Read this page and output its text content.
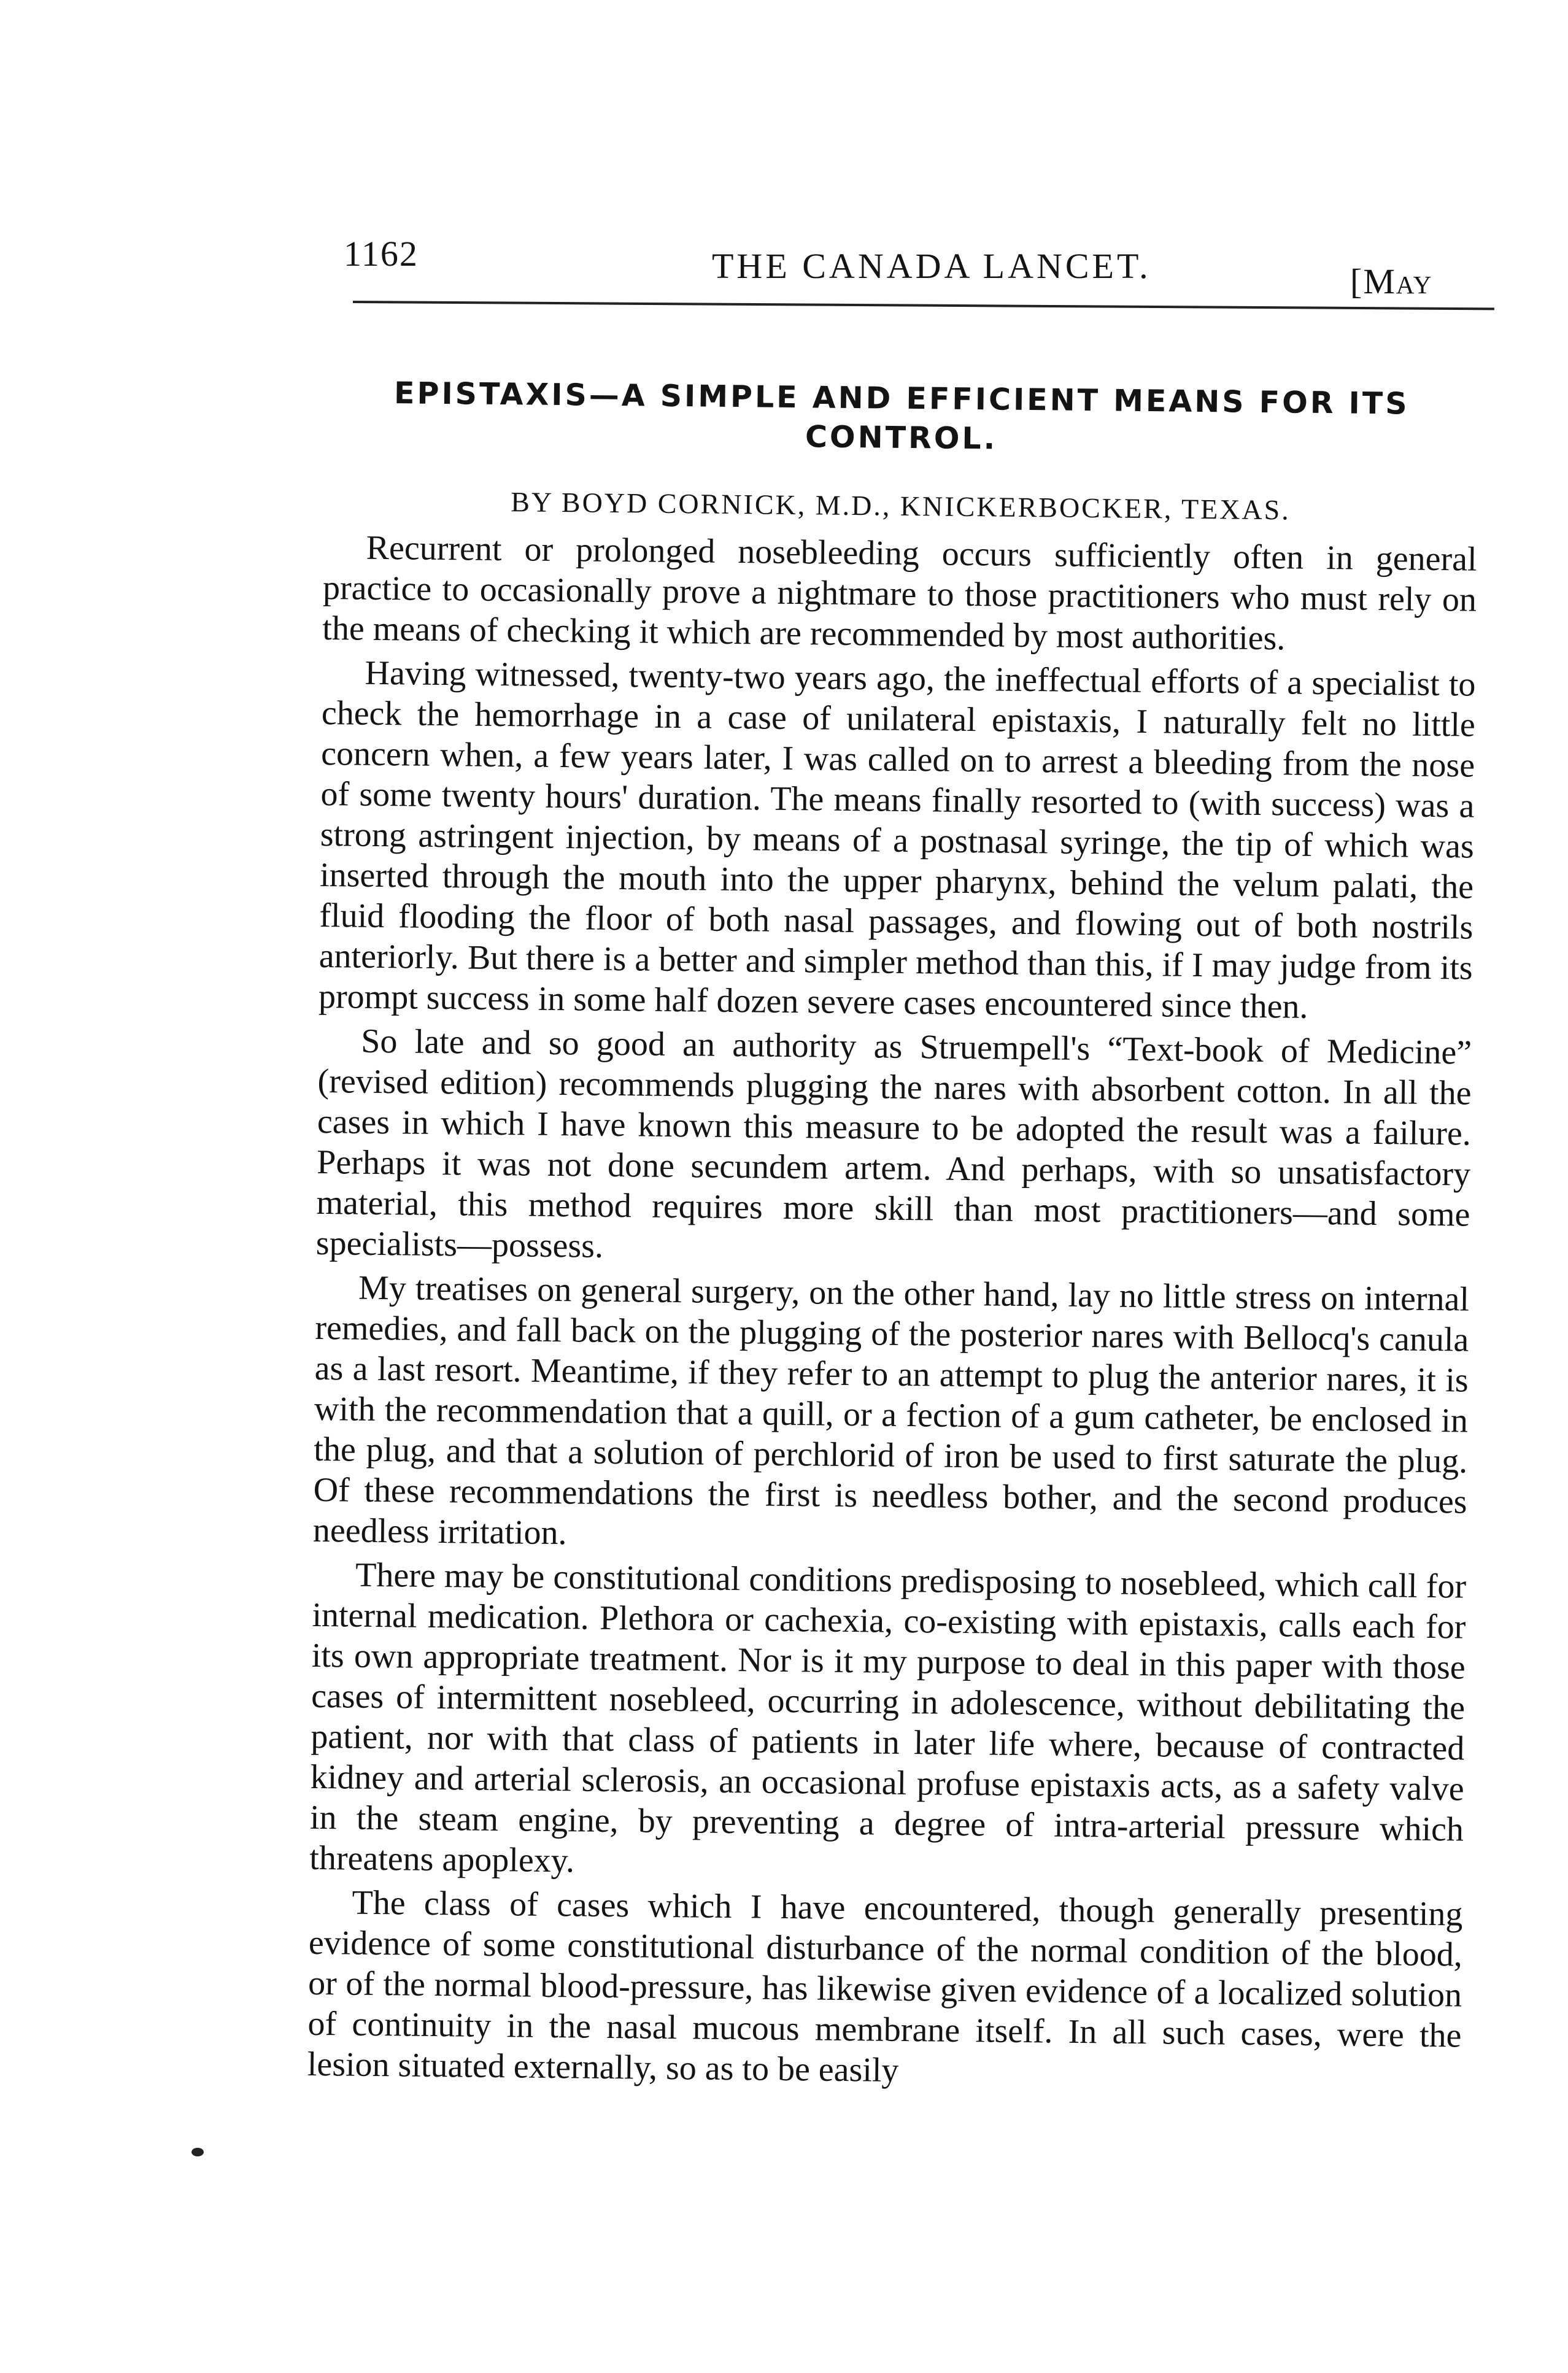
1162	THE CANADA LANCET.	[May
EPISTAXIS—A SIMPLE AND EFFICIENT MEANS FOR ITS CONTROL.
BY BOYD CORNICK, M.D., KNICKERBOCKER, TEXAS.

Recurrent or prolonged nosebleeding occurs sufficiently often in general practice to occasionally prove a nightmare to those practitioners who must rely on the means of checking it which are recommended by most authorities.

Having witnessed, twenty-two years ago, the ineffectual efforts of a specialist to check the hemorrhage in a case of unilateral epistaxis, I naturally felt no little concern when, a few years later, I was called on to arrest a bleeding from the nose of some twenty hours' duration. The means finally resorted to (with success) was a strong astringent injection, by means of a postnasal syringe, the tip of which was inserted through the mouth into the upper pharynx, behind the velum palati, the fluid flooding the floor of both nasal passages, and flowing out of both nostrils anteriorly. But there is a better and simpler method than this, if I may judge from its prompt success in some half dozen severe cases encountered since then.

So late and so good an authority as Struempell's “Text-book of Medicine” (revised edition) recommends plugging the nares with absorbent cotton. In all the cases in which I have known this measure to be adopted the result was a failure. Perhaps it was not done secundem artem. And perhaps, with so unsatisfactory material, this method requires more skill than most practitioners—and some specialists—possess.

My treatises on general surgery, on the other hand, lay no little stress on internal remedies, and fall back on the plugging of the posterior nares with Bellocq's canula as a last resort. Meantime, if they refer to an attempt to plug the anterior nares, it is with the recommendation that a quill, or a fection of a gum catheter, be enclosed in the plug, and that a solution of perchlorid of iron be used to first saturate the plug. Of these recommendations the first is needless bother, and the second produces needless irritation.

There may be constitutional conditions predisposing to nosebleed, which call for internal medication. Plethora or cachexia, co-existing with epistaxis, calls each for its own appropriate treatment. Nor is it my purpose to deal in this paper with those cases of intermittent nosebleed, occurring in adolescence, without debilitating the patient, nor with that class of patients in later life where, because of contracted kidney and arterial sclerosis, an occasional profuse epistaxis acts, as a safety valve in the steam engine, by preventing a degree of intra-arterial pressure which threatens apoplexy.

The class of cases which I have encountered, though generally presenting evidence of some constitutional disturbance of the normal condition of the blood, or of the normal blood-pressure, has likewise given evidence of a localized solution of continuity in the nasal mucous membrane itself. In all such cases, were the lesion situated externally, so as to be easily
